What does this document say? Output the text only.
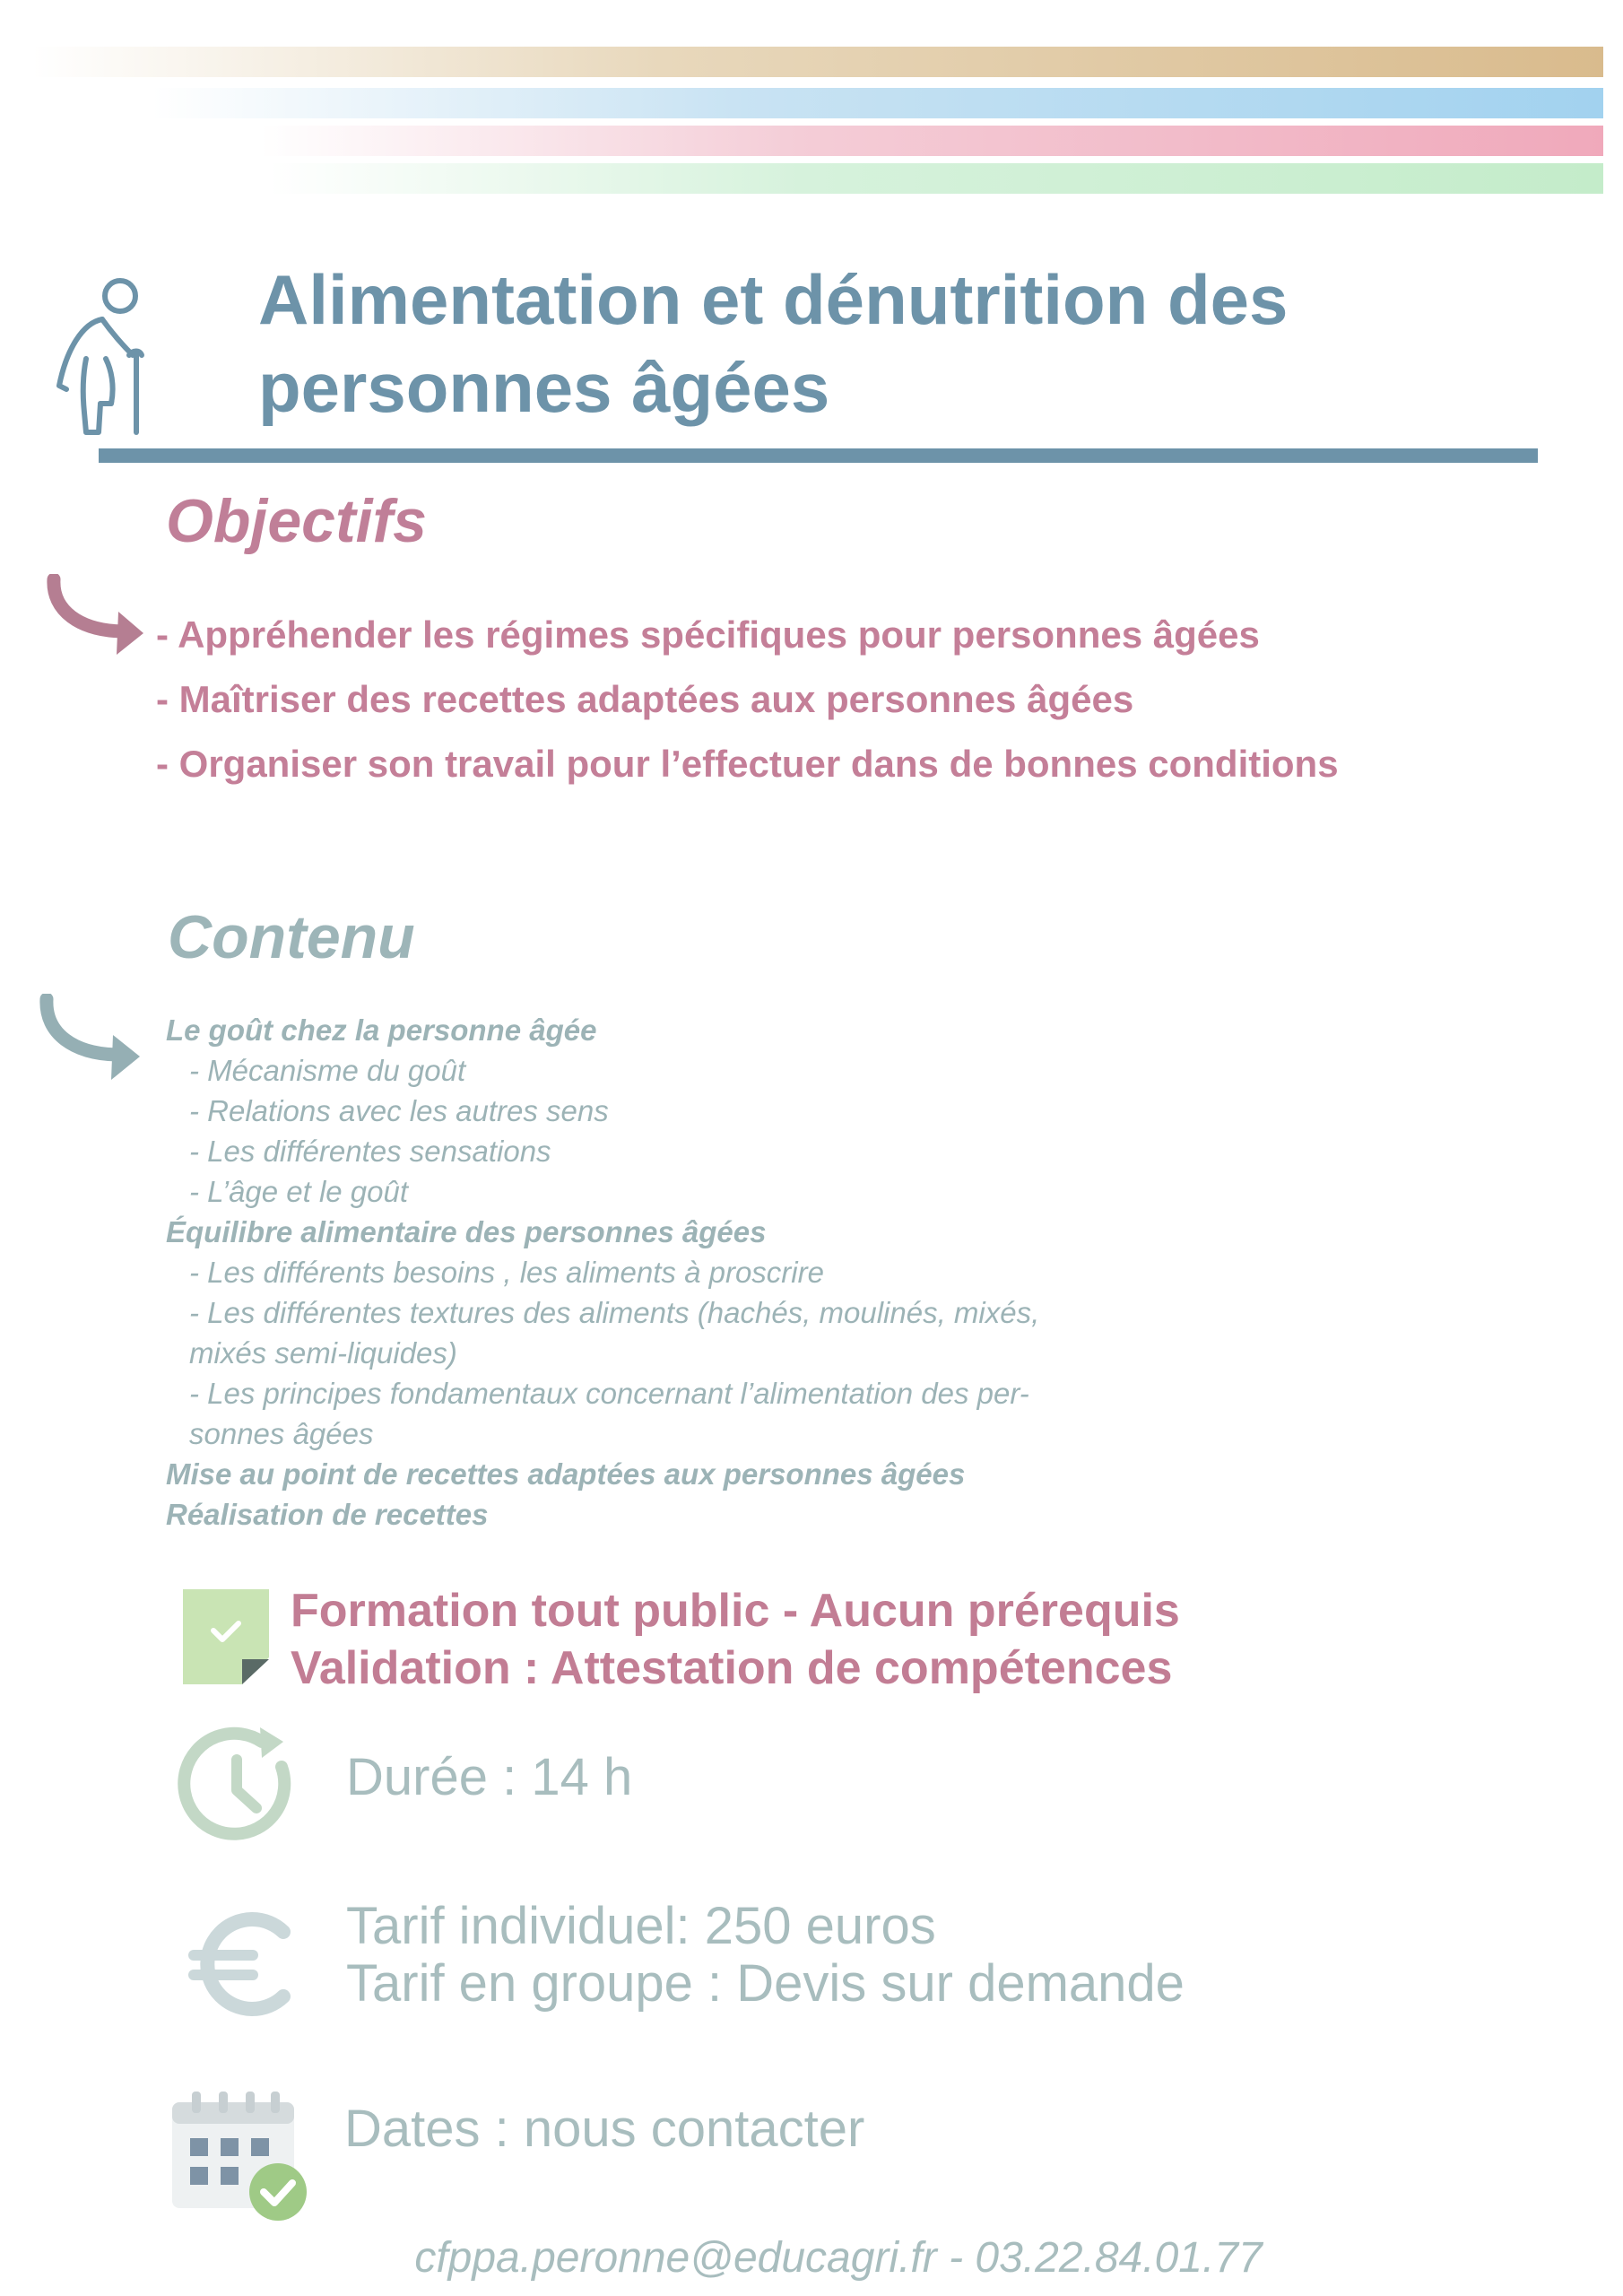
Alimentation et dénutrition des
personnes âgées
Objectifs
- Appréhender les régimes spécifiques pour personnes âgées
- Maîtriser des recettes adaptées aux personnes âgées
- Organiser son travail pour l’effectuer dans de bonnes conditions
Contenu
Le goût chez la personne âgée
- Mécanisme du goût
- Relations avec les autres sens
- Les différentes sensations
- L’âge et le goût
Équilibre alimentaire des personnes âgées
- Les différents besoins , les aliments à proscrire
- Les différentes textures des aliments (hachés, moulinés, mixés,
mixés semi-liquides)
- Les principes fondamentaux concernant l’alimentation des per-
sonnes âgées
Mise au point de recettes adaptées aux personnes âgées
Réalisation de recettes
Formation tout public - Aucun prérequis
Validation : Attestation de compétences
Durée : 14 h
Tarif individuel: 250 euros
Tarif en groupe : Devis sur demande
Dates : nous contacter
cfppa.peronne@educagri.fr - 03.22.84.01.77
